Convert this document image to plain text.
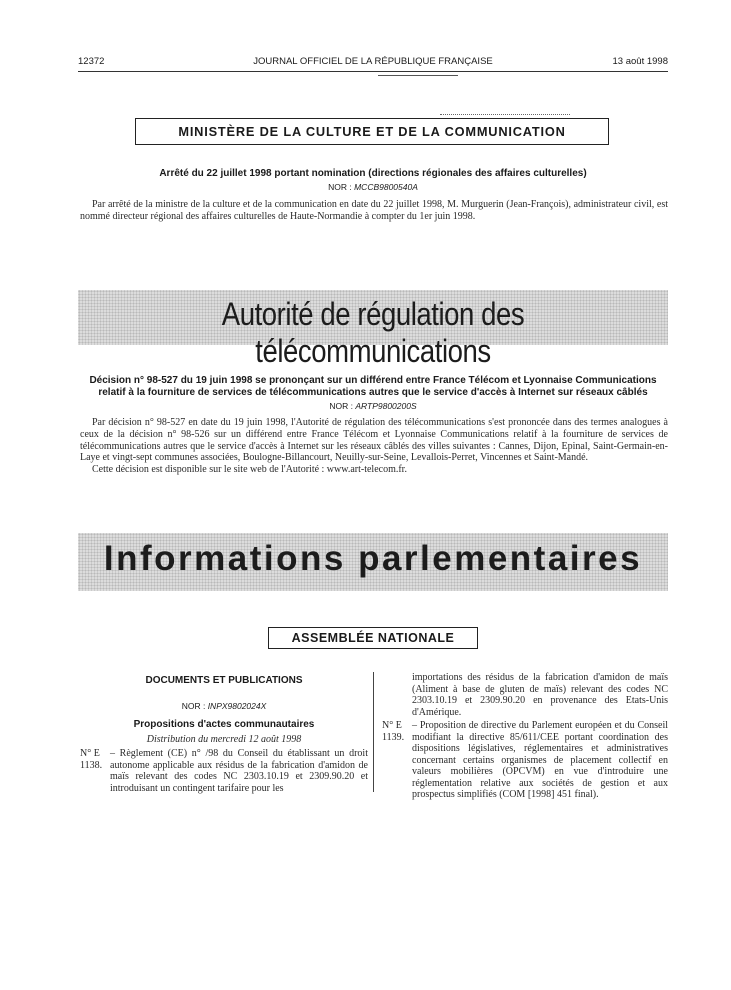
12372	JOURNAL OFFICIEL DE LA RÉPUBLIQUE FRANÇAISE	13 août 1998
MINISTÈRE DE LA CULTURE ET DE LA COMMUNICATION
Arrêté du 22 juillet 1998 portant nomination (directions régionales des affaires culturelles)
NOR : MCCB9800540A

Par arrêté de la ministre de la culture et de la communication en date du 22 juillet 1998, M. Murguerin (Jean-François), administrateur civil, est nommé directeur régional des affaires culturelles de Haute-Normandie à compter du 1er juin 1998.

Autorité de régulation des télécommunications
Décision n° 98-527 du 19 juin 1998 se prononçant sur un différend entre France Télécom et Lyonnaise Communications
relatif à la fourniture de services de télécommunications autres que le service d'accès à Internet sur réseaux câblés
NOR : ARTP9800200S

Par décision n° 98-527 en date du 19 juin 1998, l'Autorité de régulation des télécommunications s'est prononcée dans des termes analogues à ceux de la décision n° 98-526 sur un différend entre France Télécom et Lyonnaise Communications relatif à la fourniture de services de télécommunications autres que le service d'accès à Internet sur les réseaux câblés des villes suivantes : Cannes, Dijon, Epinal, Saint-Germain-en-Laye et vingt-sept communes associées, Boulogne-Billancourt, Neuilly-sur-Seine, Levallois-Perret, Vincennes et Saint-Mandé.

Cette décision est disponible sur le site web de l'Autorité : www.art-telecom.fr.

Informations parlementaires
ASSEMBLÉE NATIONALE
DOCUMENTS ET PUBLICATIONS
NOR : INPX9802024X
Propositions d'actes communautaires
Distribution du mercredi 12 août 1998
N° E 1138.
– Règlement (CE) n° /98 du Conseil du établissant un droit autonome applicable aux résidus de la fabrication d'amidon de maïs relevant des codes NC 2303.10.19 et 2309.90.20 et introduisant un contingent tarifaire pour les
importations des résidus de la fabrication d'amidon de maïs (Aliment à base de gluten de maïs) relevant des codes NC 2303.10.19 et 2309.90.20 en provenance des Etats-Unis d'Amérique.
N° E 1139.
– Proposition de directive du Parlement européen et du Conseil modifiant la directive 85/611/CEE portant coordination des dispositions législatives, réglementaires et administratives concernant certains organismes de placement collectif en valeurs mobilières (OPCVM) en vue d'introduire une réglementation relative aux sociétés de gestion et aux prospectus simplifiés (COM [1998] 451 final).
